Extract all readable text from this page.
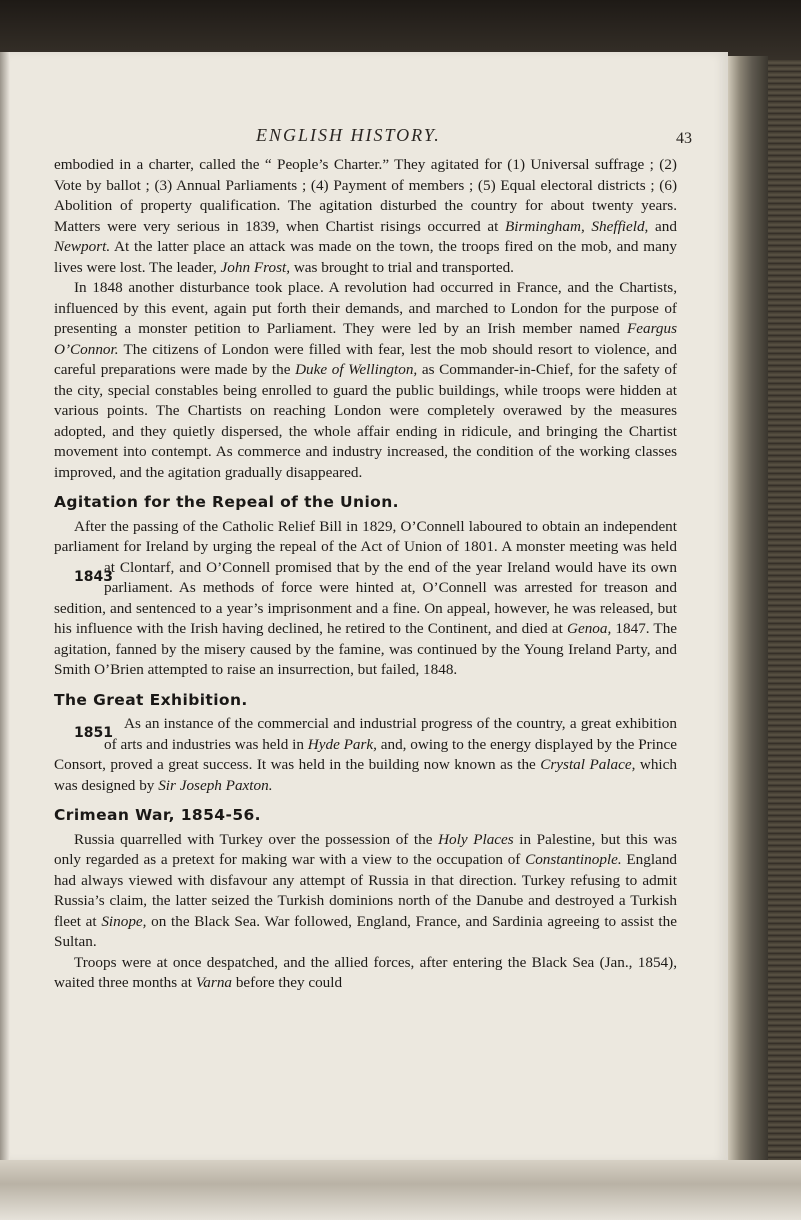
ENGLISH HISTORY.	43

embodied in a charter, called the “ People’s Charter.” They agitated for (1) Universal suffrage ; (2) Vote by ballot ; (3) Annual Parliaments ; (4) Payment of members ; (5) Equal electoral districts ; (6) Abolition of property qualification. The agitation disturbed the country for about twenty years. Matters were very serious in 1839, when Chartist risings occurred at Birmingham, Sheffield, and Newport. At the latter place an attack was made on the town, the troops fired on the mob, and many lives were lost. The leader, John Frost, was brought to trial and transported.

In 1848 another disturbance took place. A revolution had occurred in France, and the Chartists, influenced by this event, again put forth their demands, and marched to London for the purpose of presenting a monster petition to Parliament. They were led by an Irish member named Feargus O’Connor. The citizens of London were filled with fear, lest the mob should resort to violence, and careful preparations were made by the Duke of Wellington, as Commander-in-Chief, for the safety of the city, special constables being enrolled to guard the public buildings, while troops were hidden at various points. The Chartists on reaching London were completely overawed by the measures adopted, and they quietly dispersed, the whole affair ending in ridicule, and bringing the Chartist movement into contempt. As commerce and industry increased, the condition of the working classes improved, and the agitation gradually disappeared.

Agitation for the Repeal of the Union.

After the passing of the Catholic Relief Bill in 1829, O’Connell laboured to obtain an independent parliament for Ireland by urging the repeal of the Act of Union of 1801. A monster meeting was held at Clontarf, and
1843
O’Connell promised that by the end of the year Ireland would have its own parliament. As methods of force were hinted at, O’Connell was arrested for treason and sedition, and sentenced to a year’s imprisonment and a fine. On appeal, however, he was released, but his influence with the Irish having declined, he retired to the Continent, and died at Genoa, 1847. The agitation, fanned by the misery caused by the famine, was continued by the Young Ireland Party, and Smith O’Brien attempted to raise an insurrection, but failed, 1848.

The Great Exhibition.

As an instance of the commercial and industrial progress of the country,
1851
a great exhibition of arts and industries was held in Hyde Park, and, owing to the energy displayed by the Prince Consort, proved a great success. It was held in the building now known as the Crystal Palace, which was designed by Sir Joseph Paxton.

Crimean War, 1854-56.

Russia quarrelled with Turkey over the possession of the Holy Places in Palestine, but this was only regarded as a pretext for making war with a view to the occupation of Constantinople. England had always viewed with disfavour any attempt of Russia in that direction. Turkey refusing to admit Russia’s claim, the latter seized the Turkish dominions north of the Danube and destroyed a Turkish fleet at Sinope, on the Black Sea. War followed, England, France, and Sardinia agreeing to assist the Sultan.

Troops were at once despatched, and the allied forces, after entering the Black Sea (Jan., 1854), waited three months at Varna before they could
